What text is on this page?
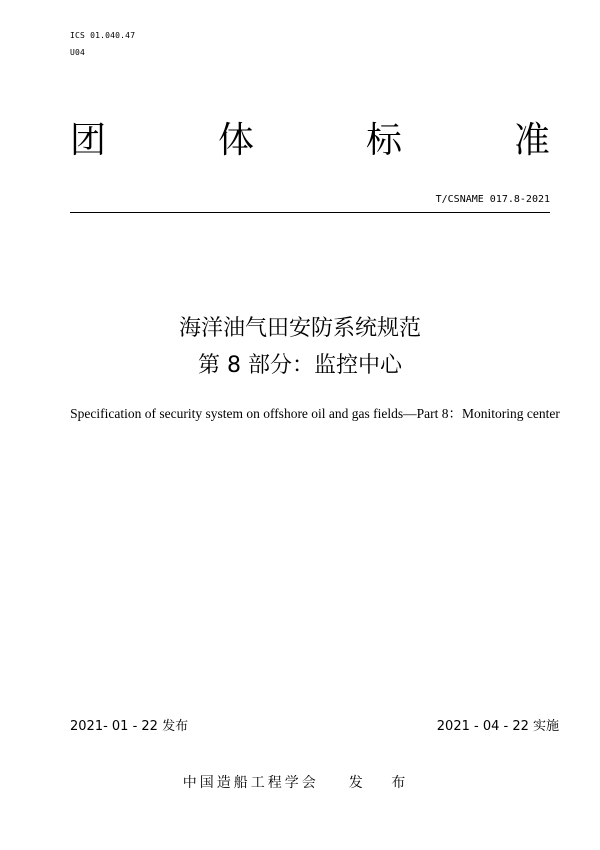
ICS 01.040.47
U04
团	体	标	准
T/CSNAME 017.8-2021
海洋油气田安防系统规范
第 8 部分：监控中心
Specification of security system on offshore oil and gas fields—Part 8：Monitoring center
2021- 01 - 22 发布	2021 - 04 - 22 实施
中国造船工程学会 发 布
